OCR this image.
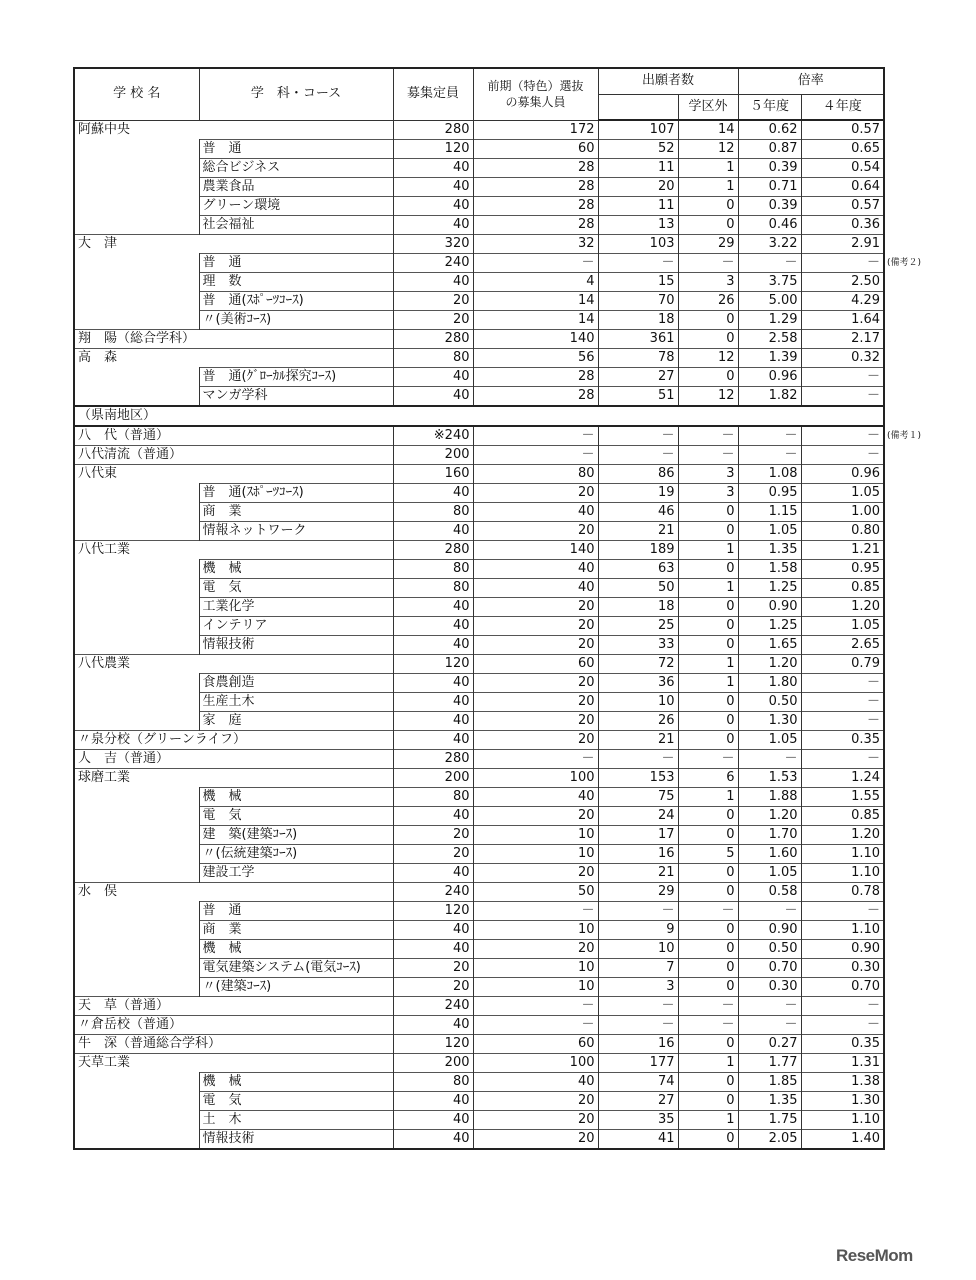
学 校 名	学　科・コース	募集定員	前期（特色）選抜の募集人員	出願者数		倍率	
					学区外	５年度	４年度
阿蘇中央		280	172	107	14	0.62	0.57
	普　通	120	60	52	12	0.87	0.65
	総合ビジネス	40	28	11	1	0.39	0.54
	農業食品	40	28	20	1	0.71	0.64
	グリーン環境	40	28	11	0	0.39	0.57
	社会福祉	40	28	13	0	0.46	0.36
大　津		320	32	103	29	3.22	2.91
	普　通	240	－	－	－	－	－ (備考２)

	理　数	40	4	15	3	3.75	2.50
	普　通(ｽﾎﾟｰﾂｺｰｽ)	20	14	70	26	5.00	4.29
	〃(美術ｺｰｽ)	20	14	18	0	1.29	1.64
翔　陽（総合学科）		280	140	361	0	2.58	2.17
高　森		80	56	78	12	1.39	0.32
	普　通(ｸﾞﾛｰｶﾙ探究ｺｰｽ)	40	28	27	0	0.96	－
	マンガ学科	40	28	51	12	1.82	－
（県南地区）							
八　代（普通）		※240	－	－	－	－	－ (備考１)

八代清流（普通）		200	－	－	－	－	－
八代東		160	80	86	3	1.08	0.96
	普　通(ｽﾎﾟｰﾂｺｰｽ)	40	20	19	3	0.95	1.05
	商　業	80	40	46	0	1.15	1.00
	情報ネットワーク	40	20	21	0	1.05	0.80
八代工業		280	140	189	1	1.35	1.21
	機　械	80	40	63	0	1.58	0.95
	電　気	80	40	50	1	1.25	0.85
	工業化学	40	20	18	0	0.90	1.20
	インテリア	40	20	25	0	1.25	1.05
	情報技術	40	20	33	0	1.65	2.65
八代農業		120	60	72	1	1.20	0.79
	食農創造	40	20	36	1	1.80	－
	生産土木	40	20	10	0	0.50	－
	家　庭	40	20	26	0	1.30	－
〃泉分校（グリーンライフ）		40	20	21	0	1.05	0.35
人　吉（普通）		280	－	－	－	－	－
球磨工業		200	100	153	6	1.53	1.24
	機　械	80	40	75	1	1.88	1.55
	電　気	40	20	24	0	1.20	0.85
	建　築(建築ｺｰｽ)	20	10	17	0	1.70	1.20
	〃(伝統建築ｺｰｽ)	20	10	16	5	1.60	1.10
	建設工学	40	20	21	0	1.05	1.10
水　俣		240	50	29	0	0.58	0.78
	普　通	120	－	－	－	－	－
	商　業	40	10	9	0	0.90	1.10
	機　械	40	20	10	0	0.50	0.90
	電気建築システム(電気ｺｰｽ)	20	10	7	0	0.70	0.30
	〃(建築ｺｰｽ)	20	10	3	0	0.30	0.70
天　草（普通）		240	－	－	－	－	－
〃倉岳校（普通）		40	－	－	－	－	－
牛　深（普通総合学科）		120	60	16	0	0.27	0.35
天草工業		200	100	177	1	1.77	1.31
	機　械	80	40	74	0	1.85	1.38
	電　気	40	20	27	0	1.35	1.30
	土　木	40	20	35	1	1.75	1.10
	情報技術	40	20	41	0	2.05	1.40
ReseMom
